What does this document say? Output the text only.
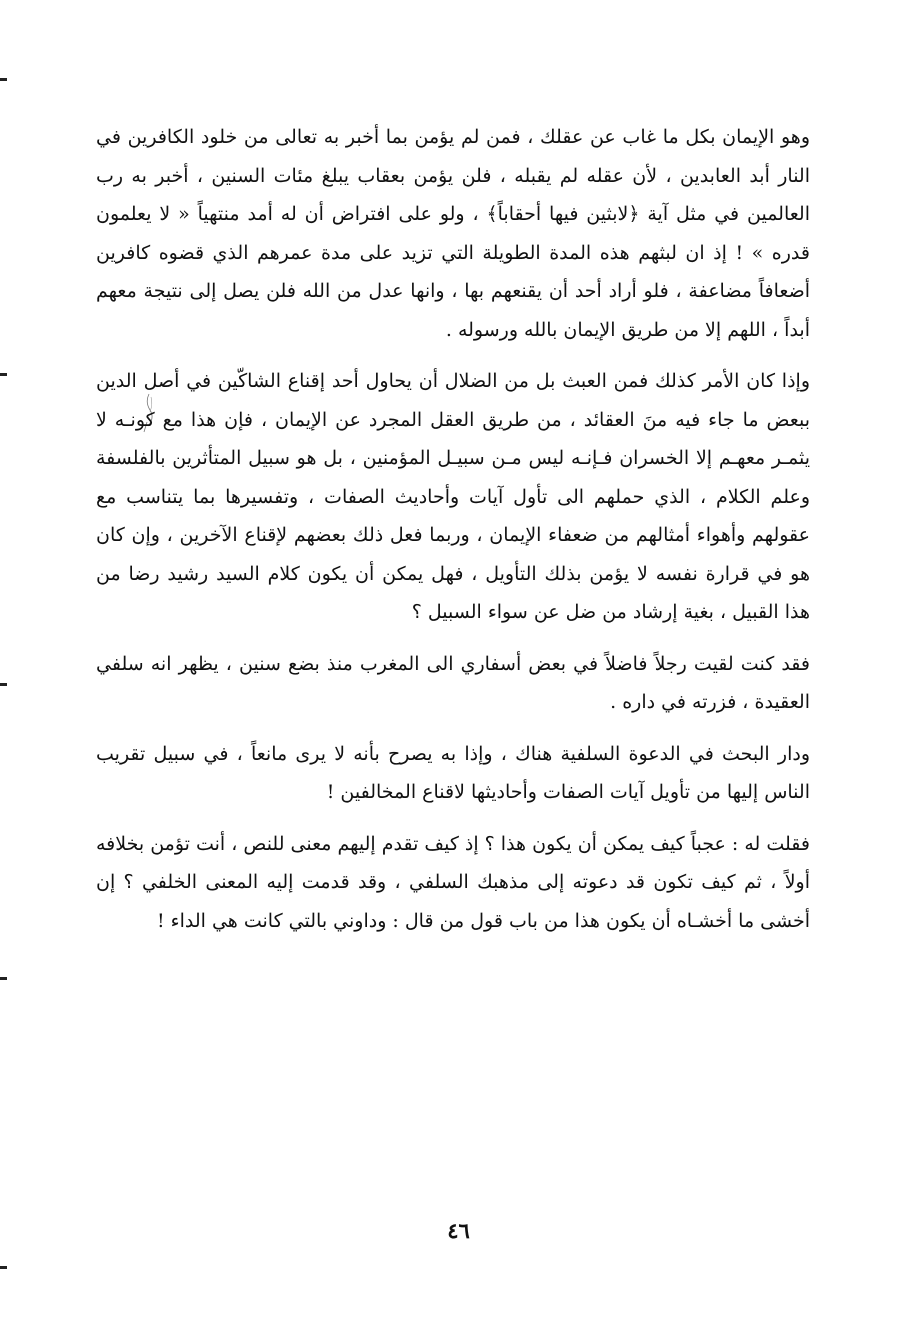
وهو الإيمان بكل ما غاب عن عقلك ، فمن لم يؤمن بما أخبر به تعالى من خلود الكافرين في النار أبد العابدين ، لأن عقله لم يقبله ، فلن يؤمن بعقاب يبلغ مئات السنين ، أخبر به رب العالمين في مثل آية ﴿لابثين فيها أحقاباً﴾ ، ولو على افتراض أن له أمد منتهياً « لا يعلمون قدره » ! إذ ان لبثهم هذه المدة الطويلة التي تزيد على مدة عمرهم الذي قضوه كافرين أضعافاً مضاعفة ، فلو أراد أحد أن يقنعهم بها ، وانها عدل من الله فلن يصل إلى نتيجة معهم أبداً ، اللهم إلا من طريق الإيمان بالله ورسوله .

وإذا كان الأمر كذلك فمن العبث بل من الضلال أن يحاول أحد إقناع الشاكّين في أصل الدين ببعض ما جاء فيه منَ العقائد ، من طريق العقل المجرد عن الإيمان ، فإن هذا مع كونـه لا يثمـر معهـم إلا الخسران فـإنـه ليس مـن سبيـل المؤمنين ، بل هو سبيل المتأثرين بالفلسفة وعلم الكلام ، الذي حملهم الى تأول آيات وأحاديث الصفات ، وتفسيرها بما يتناسب مع عقولهم وأهواء أمثالهم من ضعفاء الإيمان ، وربما فعل ذلك بعضهم لإقناع الآخرين ، وإن كان هو في قرارة نفسه لا يؤمن بذلك التأويل ، فهل يمكن أن يكون كلام السيد رشيد رضا من هذا القبيل ، بغية إرشاد من ضل عن سواء السبيل ؟

فقد كنت لقيت رجلاً فاضلاً في بعض أسفاري الى المغرب منذ بضع سنين ، يظهر انه سلفي العقيدة ، فزرته في داره .

ودار البحث في الدعوة السلفية هناك ، وإذا به يصرح بأنه لا يرى مانعاً ، في سبيل تقريب الناس إليها من تأويل آيات الصفات وأحاديثها لاقناع المخالفين !

فقلت له : عجباً كيف يمكن أن يكون هذا ؟ إذ كيف تقدم إليهم معنى للنص ، أنت تؤمن بخلافه أولاً ، ثم كيف تكون قد دعوته إلى مذهبك السلفي ، وقد قدمت إليه المعنى الخلفي ؟ إن أخشى ما أخشـاه أن يكون هذا من باب قول من قال : وداوني بالتي كانت هي الداء !

٤٦
